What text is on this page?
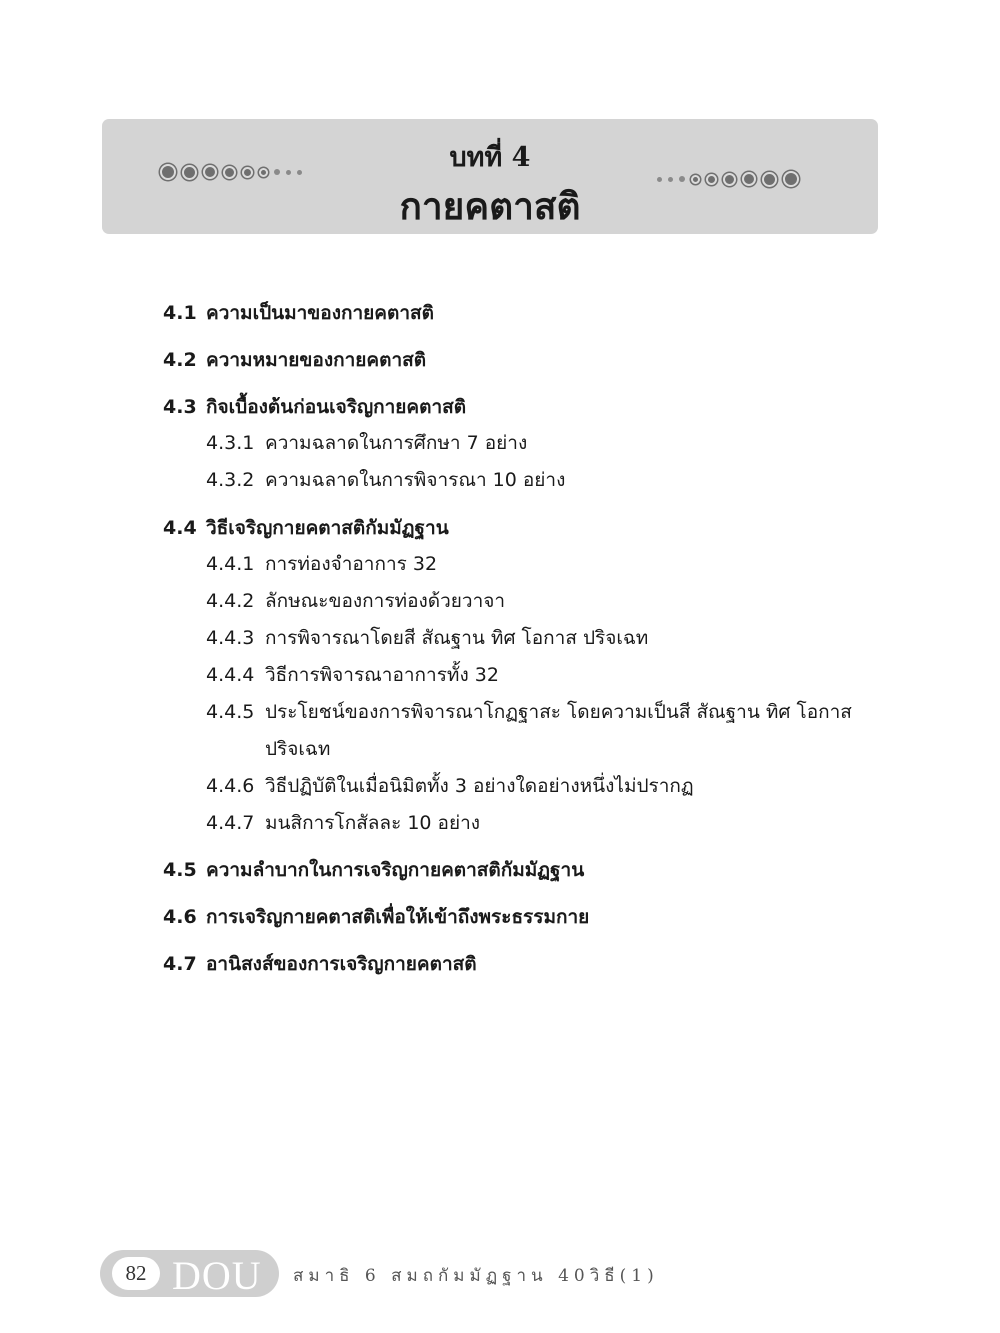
บทที่ 4
กายคตาสติ
4.1 ความเป็นมาของกายคตาสติ
4.2 ความหมายของกายคตาสติ
4.3 กิจเบื้องต้นก่อนเจริญกายคตาสติ
4.3.1 ความฉลาดในการศึกษา 7 อย่าง
4.3.2 ความฉลาดในการพิจารณา 10 อย่าง
4.4 วิธีเจริญกายคตาสติกัมมัฏฐาน
4.4.1 การท่องจำอาการ 32
4.4.2 ลักษณะของการท่องด้วยวาจา
4.4.3 การพิจารณาโดยสี สัณฐาน ทิศ โอกาส ปริจเฉท
4.4.4 วิธีการพิจารณาอาการทั้ง 32
4.4.5 ประโยชน์ของการพิจารณาโกฏฐาสะ โดยความเป็นสี สัณฐาน ทิศ โอกาส
ปริจเฉท
4.4.6 วิธีปฏิบัติในเมื่อนิมิตทั้ง 3 อย่างใดอย่างหนึ่งไม่ปรากฏ
4.4.7 มนสิการโกสัลละ 10 อย่าง
4.5 ความลำบากในการเจริญกายคตาสติกัมมัฏฐาน
4.6 การเจริญกายคตาสติเพื่อให้เข้าถึงพระธรรมกาย
4.7 อานิสงส์ของการเจริญกายคตาสติ
82 DOU สมาธิ 6 สมถกัมมัฏฐาน 40วิธี(1)
